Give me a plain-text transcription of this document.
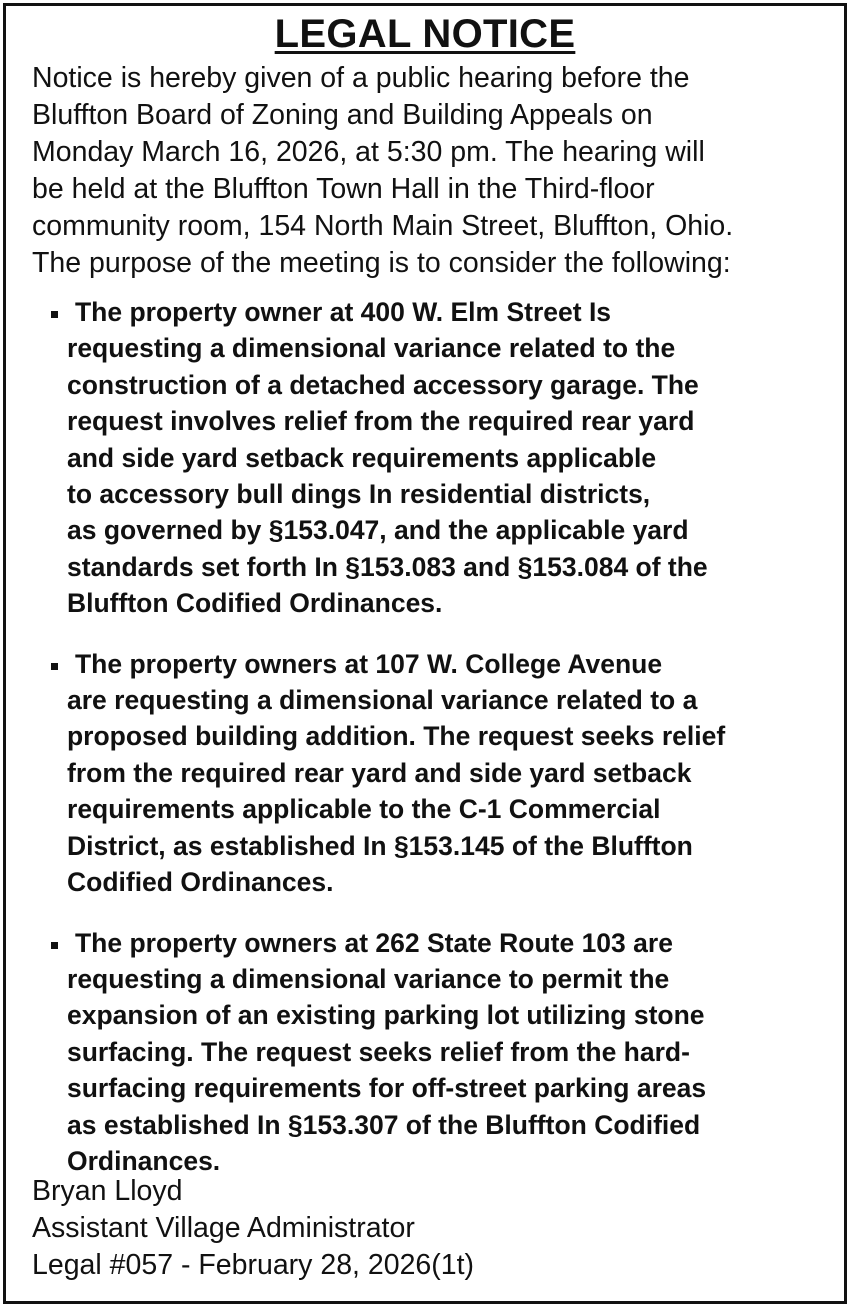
LEGAL NOTICE
Notice is hereby given of a public hearing before the
Bluffton Board of Zoning and Building Appeals on
Monday March 16, 2026, at 5:30 pm. The hearing will
be held at the Bluffton Town Hall in the Third-floor
community room, 154 North Main Street, Bluffton, Ohio.
The purpose of the meeting is to consider the following:
The property owner at 400 W. Elm Street Is
requesting a dimensional variance related to the
construction of a detached accessory garage. The
request involves relief from the required rear yard
and side yard setback requirements applicable
to accessory bull dings In residential districts,
as governed by §153.047, and the applicable yard
standards set forth In §153.083 and §153.084 of the
Bluffton Codified Ordinances.
The property owners at 107 W. College Avenue
are requesting a dimensional variance related to a
proposed building addition. The request seeks relief
from the required rear yard and side yard setback
requirements applicable to the C-1 Commercial
District, as established In §153.145 of the Bluffton
Codified Ordinances.
The property owners at 262 State Route 103 are
requesting a dimensional variance to permit the
expansion of an existing parking lot utilizing stone
surfacing. The request seeks relief from the hard-
surfacing requirements for off-street parking areas
as established In §153.307 of the Bluffton Codified
Ordinances.
Bryan Lloyd
Assistant Village Administrator
Legal #057 - February 28, 2026(1t)
